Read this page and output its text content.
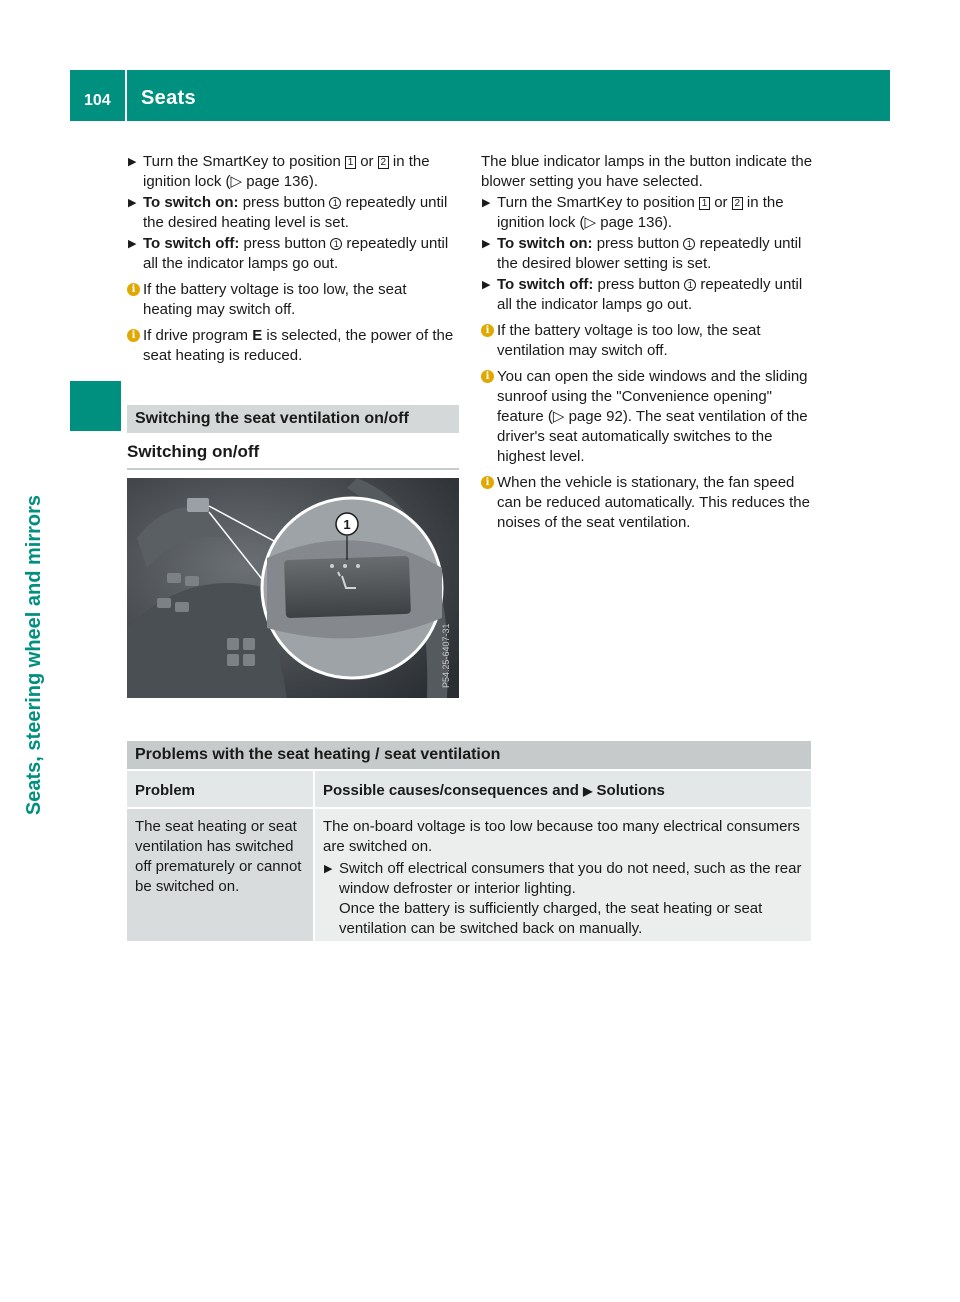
104 Seats
Seats, steering wheel and mirrors
▶ Turn the SmartKey to position 1 or 2 in the ignition lock (▷ page 136).
▶ To switch on: press button 1 repeatedly until the desired heating level is set.
▶ To switch off: press button 1 repeatedly until all the indicator lamps go out.
i If the battery voltage is too low, the seat heating may switch off.
i If drive program E is selected, the power of the seat heating is reduced.
Switching the seat ventilation on/off
Switching on/off
1
P54.25-6407-31
The blue indicator lamps in the button indicate the blower setting you have selected.
▶ Turn the SmartKey to position 1 or 2 in the ignition lock (▷ page 136).
▶ To switch on: press button 1 repeatedly until the desired blower setting is set.
▶ To switch off: press button 1 repeatedly until all the indicator lamps go out.
i If the battery voltage is too low, the seat ventilation may switch off.
i You can open the side windows and the sliding sunroof using the "Convenience opening" feature (▷ page 92). The seat ventilation of the driver's seat automatically switches to the highest level.
i When the vehicle is stationary, the fan speed can be reduced automatically. This reduces the noises of the seat ventilation.
Problems with the seat heating / seat ventilation
Problem	Possible causes/consequences and ▶ Solutions
The seat heating or seat ventilation has switched off prematurely or cannot be switched on.
The on-board voltage is too low because too many electrical consumers are switched on.
▶ Switch off electrical consumers that you do not need, such as the rear window defroster or interior lighting.
Once the battery is sufficiently charged, the seat heating or seat ventilation can be switched back on manually.
